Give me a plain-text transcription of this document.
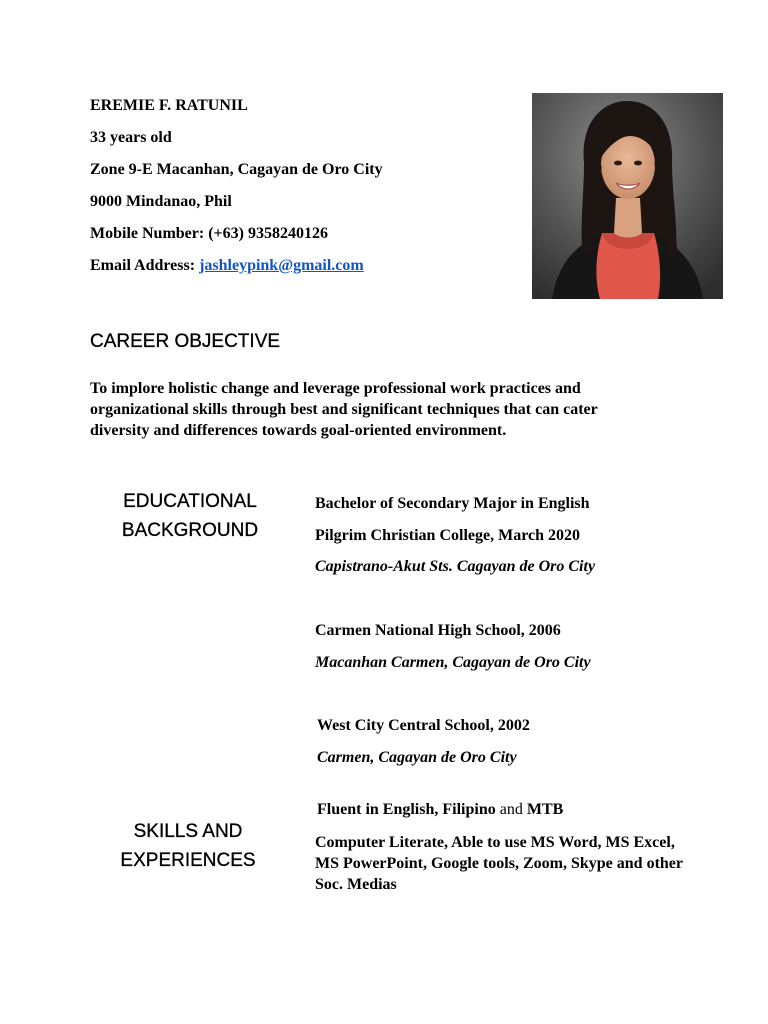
EREMIE F. RATUNIL
33 years old
Zone 9-E Macanhan, Cagayan de Oro City
9000 Mindanao, Phil
Mobile Number: (+63) 9358240126
Email Address: jashleypink@gmail.com
CAREER OBJECTIVE
To implore holistic change and leverage professional work practices and organizational skills through best and significant techniques that can cater diversity and differences towards goal-oriented environment.
EDUCATIONAL
BACKGROUND
Bachelor of Secondary Major in English
Pilgrim Christian College, March 2020
Capistrano-Akut Sts. Cagayan de Oro City
Carmen National High School, 2006
Macanhan Carmen, Cagayan de Oro City
West City Central School, 2002
Carmen, Cagayan de Oro City
SKILLS AND
EXPERIENCES
Fluent in English, Filipino and MTB
Computer Literate, Able to use MS Word, MS Excel, MS PowerPoint, Google tools, Zoom, Skype and other Soc. Medias
